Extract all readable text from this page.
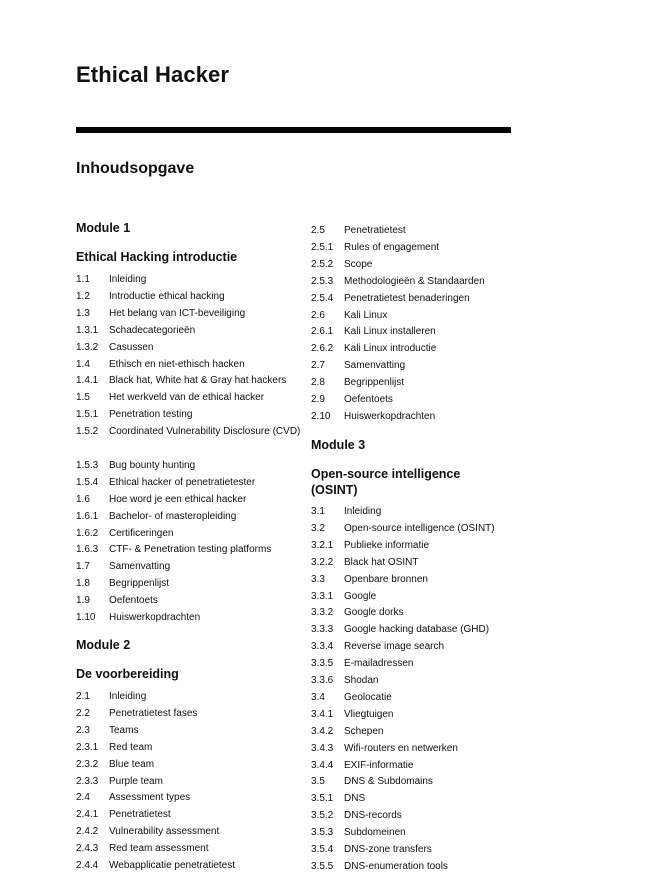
Ethical Hacker
Inhoudsopgave
Module 1
Ethical Hacking introductie
1.1 Inleiding
1.2 Introductie ethical hacking
1.3 Het belang van ICT-beveiliging
1.3.1 Schadecategorieën
1.3.2 Casussen
1.4 Ethisch en niet-ethisch hacken
1.4.1 Black hat, White hat & Gray hat hackers
1.5 Het werkveld van de ethical hacker
1.5.1 Penetration testing
1.5.2 Coordinated Vulnerability Disclosure (CVD)
1.5.3 Bug bounty hunting
1.5.4 Ethical hacker of penetratietester
1.6 Hoe word je een ethical hacker
1.6.1 Bachelor- of masteropleiding
1.6.2 Certificeringen
1.6.3 CTF- & Penetration testing platforms
1.7 Samenvatting
1.8 Begrippenlijst
1.9 Oefentoets
1.10 Huiswerkopdrachten
Module 2
De voorbereiding
2.1 Inleiding
2.2 Penetratietest fases
2.3 Teams
2.3.1 Red team
2.3.2 Blue team
2.3.3 Purple team
2.4 Assessment types
2.4.1 Penetratietest
2.4.2 Vulnerability assessment
2.4.3 Red team assessment
2.4.4 Webapplicatie penetratietest
2.5 Penetratietest
2.5.1 Rules of engagement
2.5.2 Scope
2.5.3 Methodologieën & Standaarden
2.5.4 Penetratietest benaderingen
2.6 Kali Linux
2.6.1 Kali Linux installeren
2.6.2 Kali Linux introductie
2.7 Samenvatting
2.8 Begrippenlijst
2.9 Oefentoets
2.10 Huiswerkopdrachten
Module 3
Open-source intelligence
(OSINT)
3.1 Inleiding
3.2 Open-source intelligence (OSINT)
3.2.1 Publieke informatie
3.2.2 Black hat OSINT
3.3 Openbare bronnen
3.3.1 Google
3.3.2 Google dorks
3.3.3 Google hacking database (GHD)
3.3.4 Reverse image search
3.3.5 E-mailadressen
3.3.6 Shodan
3.4 Geolocatie
3.4.1 Vliegtuigen
3.4.2 Schepen
3.4.3 Wifi-routers en netwerken
3.4.4 EXIF-informatie
3.5 DNS & Subdomains
3.5.1 DNS
3.5.2 DNS-records
3.5.3 Subdomeinen
3.5.4 DNS-zone transfers
3.5.5 DNS-enumeration tools
